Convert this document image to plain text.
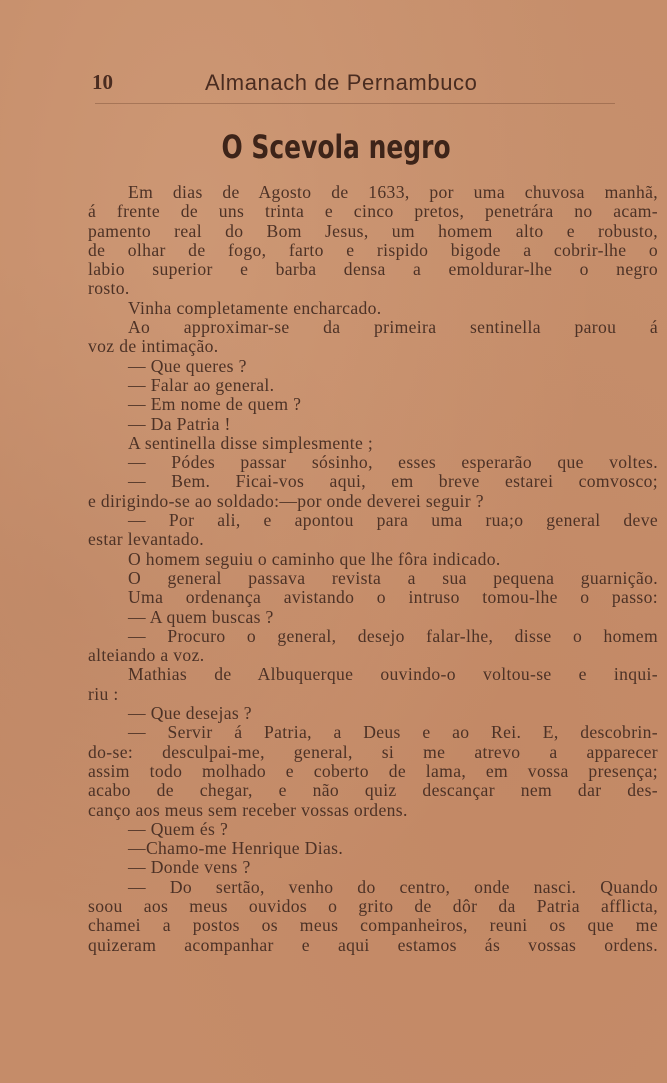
10	Almanach de Pernambuco
O Scevola negro
Em dias de Agosto de 1633, por uma chuvosa manhã,
á frente de uns trinta e cinco pretos, penetrára no acam-
pamento real do Bom Jesus, um homem alto e robusto,
de olhar de fogo, farto e rispido bigode a cobrir-lhe o
labio superior e barba densa a emoldurar-lhe o negro
rosto.
Vinha completamente encharcado.
Ao approximar-se da primeira sentinella parou á
voz de intimação.
— Que queres ?
— Falar ao general.
— Em nome de quem ?
— Da Patria !
A sentinella disse simplesmente ;
— Pódes passar sósinho, esses esperarão que voltes.
— Bem. Ficai-vos aqui, em breve estarei comvosco;
e dirigindo-se ao soldado:—por onde deverei seguir ?
— Por ali, e apontou para uma rua;o general deve
estar levantado.
O homem seguiu o caminho que lhe fôra indicado.
O general passava revista a sua pequena guarnição.
Uma ordenança avistando o intruso tomou-lhe o passo:
— A quem buscas ?
— Procuro o general, desejo falar-lhe, disse o homem
alteiando a voz.
Mathias de Albuquerque ouvindo-o voltou-se e inqui-
riu :
— Que desejas ?
— Servir á Patria, a Deus e ao Rei. E, descobrin-
do-se: desculpai-me, general, si me atrevo a apparecer
assim todo molhado e coberto de lama, em vossa presença;
acabo de chegar, e não quiz descançar nem dar des-
canço aos meus sem receber vossas ordens.
— Quem és ?
—Chamo-me Henrique Dias.
— Donde vens ?
— Do sertão, venho do centro, onde nasci. Quando
soou aos meus ouvidos o grito de dôr da Patria afflicta,
chamei a postos os meus companheiros, reuni os que me
quizeram acompanhar e aqui estamos ás vossas ordens.
